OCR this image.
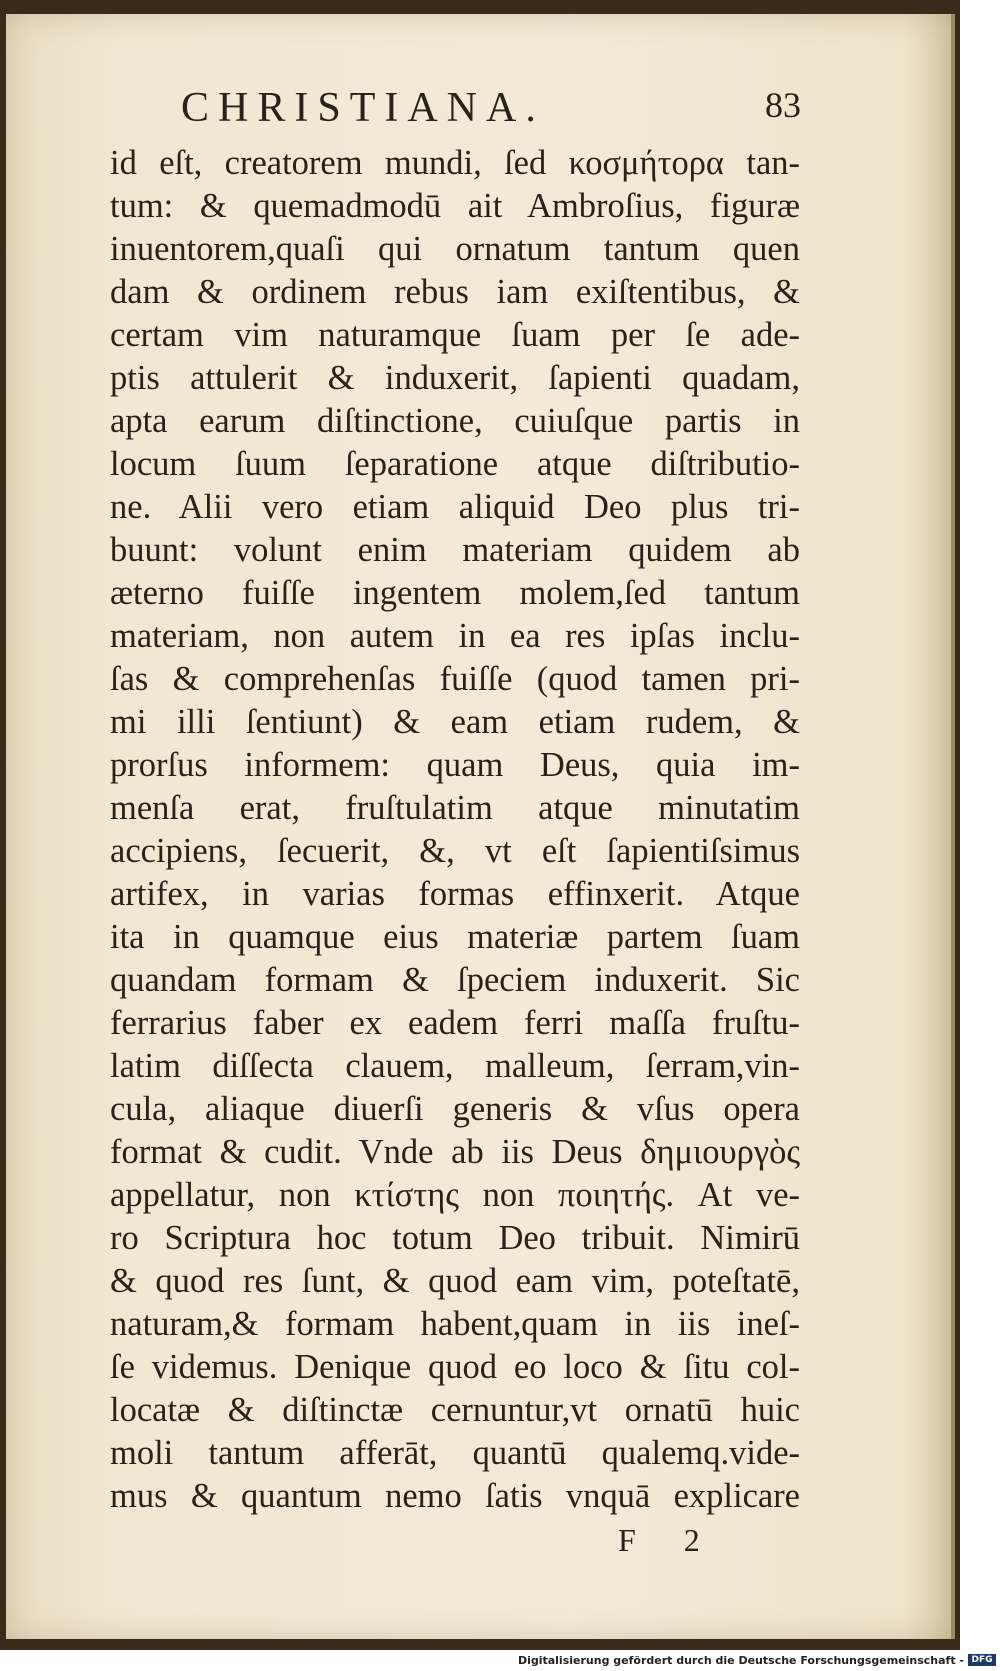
CHRISTIANA.	83
id eſt, creatorem mundi, ſed κοσμήτορα tan-
tum: & quemadmodū ait Ambroſius, figuræ
inuentorem,quaſi qui ornatum tantum quen
dam & ordinem rebus iam exiſtentibus, &
certam vim naturamque ſuam per ſe ade-
ptis attulerit & induxerit, ſapienti quadam,
apta earum diſtinctione, cuiuſque partis in
locum ſuum ſeparatione atque diſtributio-
ne. Alii vero etiam aliquid Deo plus tri-
buunt: volunt enim materiam quidem ab
æterno fuiſſe ingentem molem,ſed tantum
materiam, non autem in ea res ipſas inclu-
ſas & comprehenſas fuiſſe (quod tamen pri-
mi illi ſentiunt) & eam etiam rudem, &
prorſus informem: quam Deus, quia im-
menſa erat, fruſtulatim atque minutatim
accipiens, ſecuerit, &, vt eſt ſapientiſsimus
artifex, in varias formas effinxerit. Atque
ita in quamque eius materiæ partem ſuam
quandam formam & ſpeciem induxerit. Sic
ferrarius faber ex eadem ferri maſſa fruſtu-
latim diſſecta clauem, malleum, ſerram,vin-
cula, aliaque diuerſi generis & vſus opera
format & cudit. Vnde ab iis Deus δημιουργὸς
appellatur, non κτίστης non ποιητής. At ve-
ro Scriptura hoc totum Deo tribuit. Nimirū
& quod res ſunt, & quod eam vim, poteſtatē,
naturam,& formam habent,quam in iis ineſ-
ſe videmus. Denique quod eo loco & ſitu col-
locatæ & diſtinctæ cernuntur,vt ornatū huic
moli tantum afferāt, quantū qualemq.vide-
mus & quantum nemo ſatis vnquā explicare
F 2
Digitalisierung gefördert durch die Deutsche Forschungsgemeinschaft - DFG
